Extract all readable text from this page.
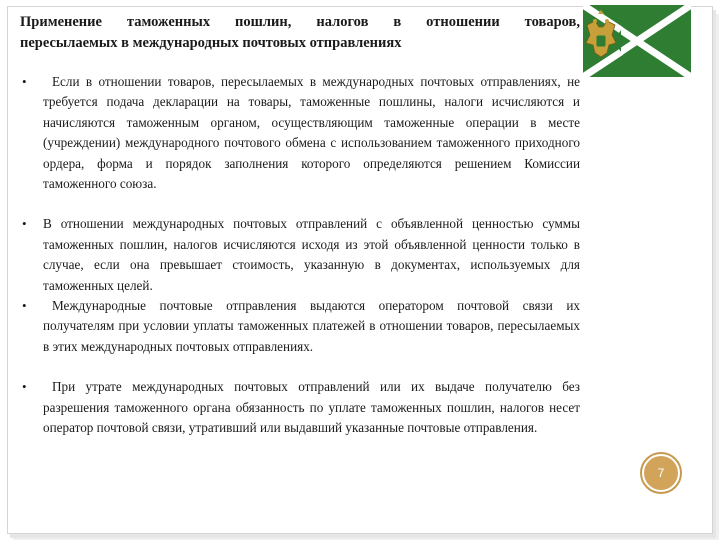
Применение таможенных пошлин, налогов в отношении товаров,
пересылаемых в международных почтовых отправлениях
•	Если в отношении товаров, пересылаемых в международных почтовых отправлениях, не требуется подача декларации на товары, таможенные пошлины, налоги исчисляются и начисляются таможенным органом, осуществляющим таможенные операции в месте (учреждении) международного почтового обмена с использованием таможенного приходного ордера, форма и порядок заполнения которого определяются решением Комиссии таможенного союза.
•	В отношении международных почтовых отправлений с объявленной ценностью суммы таможенных пошлин, налогов исчисляются исходя из этой объявленной ценности только в случае, если она превышает стоимость, указанную в документах, используемых для таможенных целей.
•	Международные почтовые отправления выдаются оператором почтовой связи их получателям при условии уплаты таможенных платежей в отношении товаров, пересылаемых в этих международных почтовых отправлениях.
•	При утрате международных почтовых отправлений или их выдаче получателю без разрешения таможенного органа обязанность по уплате таможенных пошлин, налогов несет оператор почтовой связи, утративший или выдавший указанные почтовые отправления.
7
